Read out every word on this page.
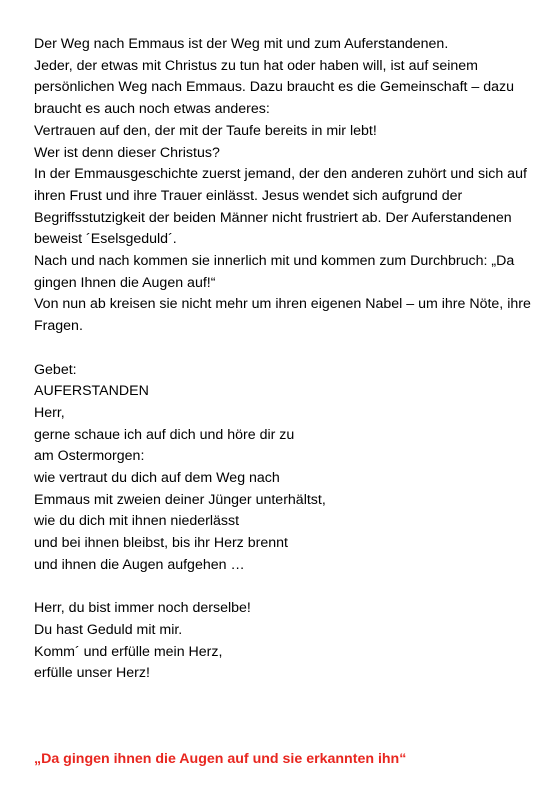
Der Weg nach Emmaus ist der Weg mit und zum Auferstandenen.
Jeder, der etwas mit Christus zu tun hat oder haben will, ist auf seinem
persönlichen Weg nach Emmaus. Dazu braucht es die Gemeinschaft – dazu
braucht es auch noch etwas anderes:
Vertrauen auf den, der mit der Taufe bereits in mir lebt!
Wer ist denn dieser Christus?
In der Emmausgeschichte zuerst jemand, der den anderen zuhört und sich auf
ihren Frust und ihre Trauer einlässt. Jesus wendet sich aufgrund der
Begriffsstutzigkeit der beiden Männer nicht frustriert ab. Der Auferstandenen
beweist ´Eselsgeduld´.
Nach und nach kommen sie innerlich mit und kommen zum Durchbruch: „Da
gingen Ihnen die Augen auf!“
Von nun ab kreisen sie nicht mehr um ihren eigenen Nabel – um ihre Nöte, ihre
Fragen.
Gebet:
AUFERSTANDEN
Herr,
gerne schaue ich auf dich und höre dir zu
am Ostermorgen:
wie vertraut du dich auf dem Weg nach
Emmaus mit zweien deiner Jünger unterhältst,
wie du dich mit ihnen niederlässt
und bei ihnen bleibst, bis ihr Herz brennt
und ihnen die Augen aufgehen …
Herr, du bist immer noch derselbe!
Du hast Geduld mit mir.
Komm´ und erfülle mein Herz,
erfülle unser Herz!
„Da gingen ihnen die Augen auf und sie erkannten ihn“
